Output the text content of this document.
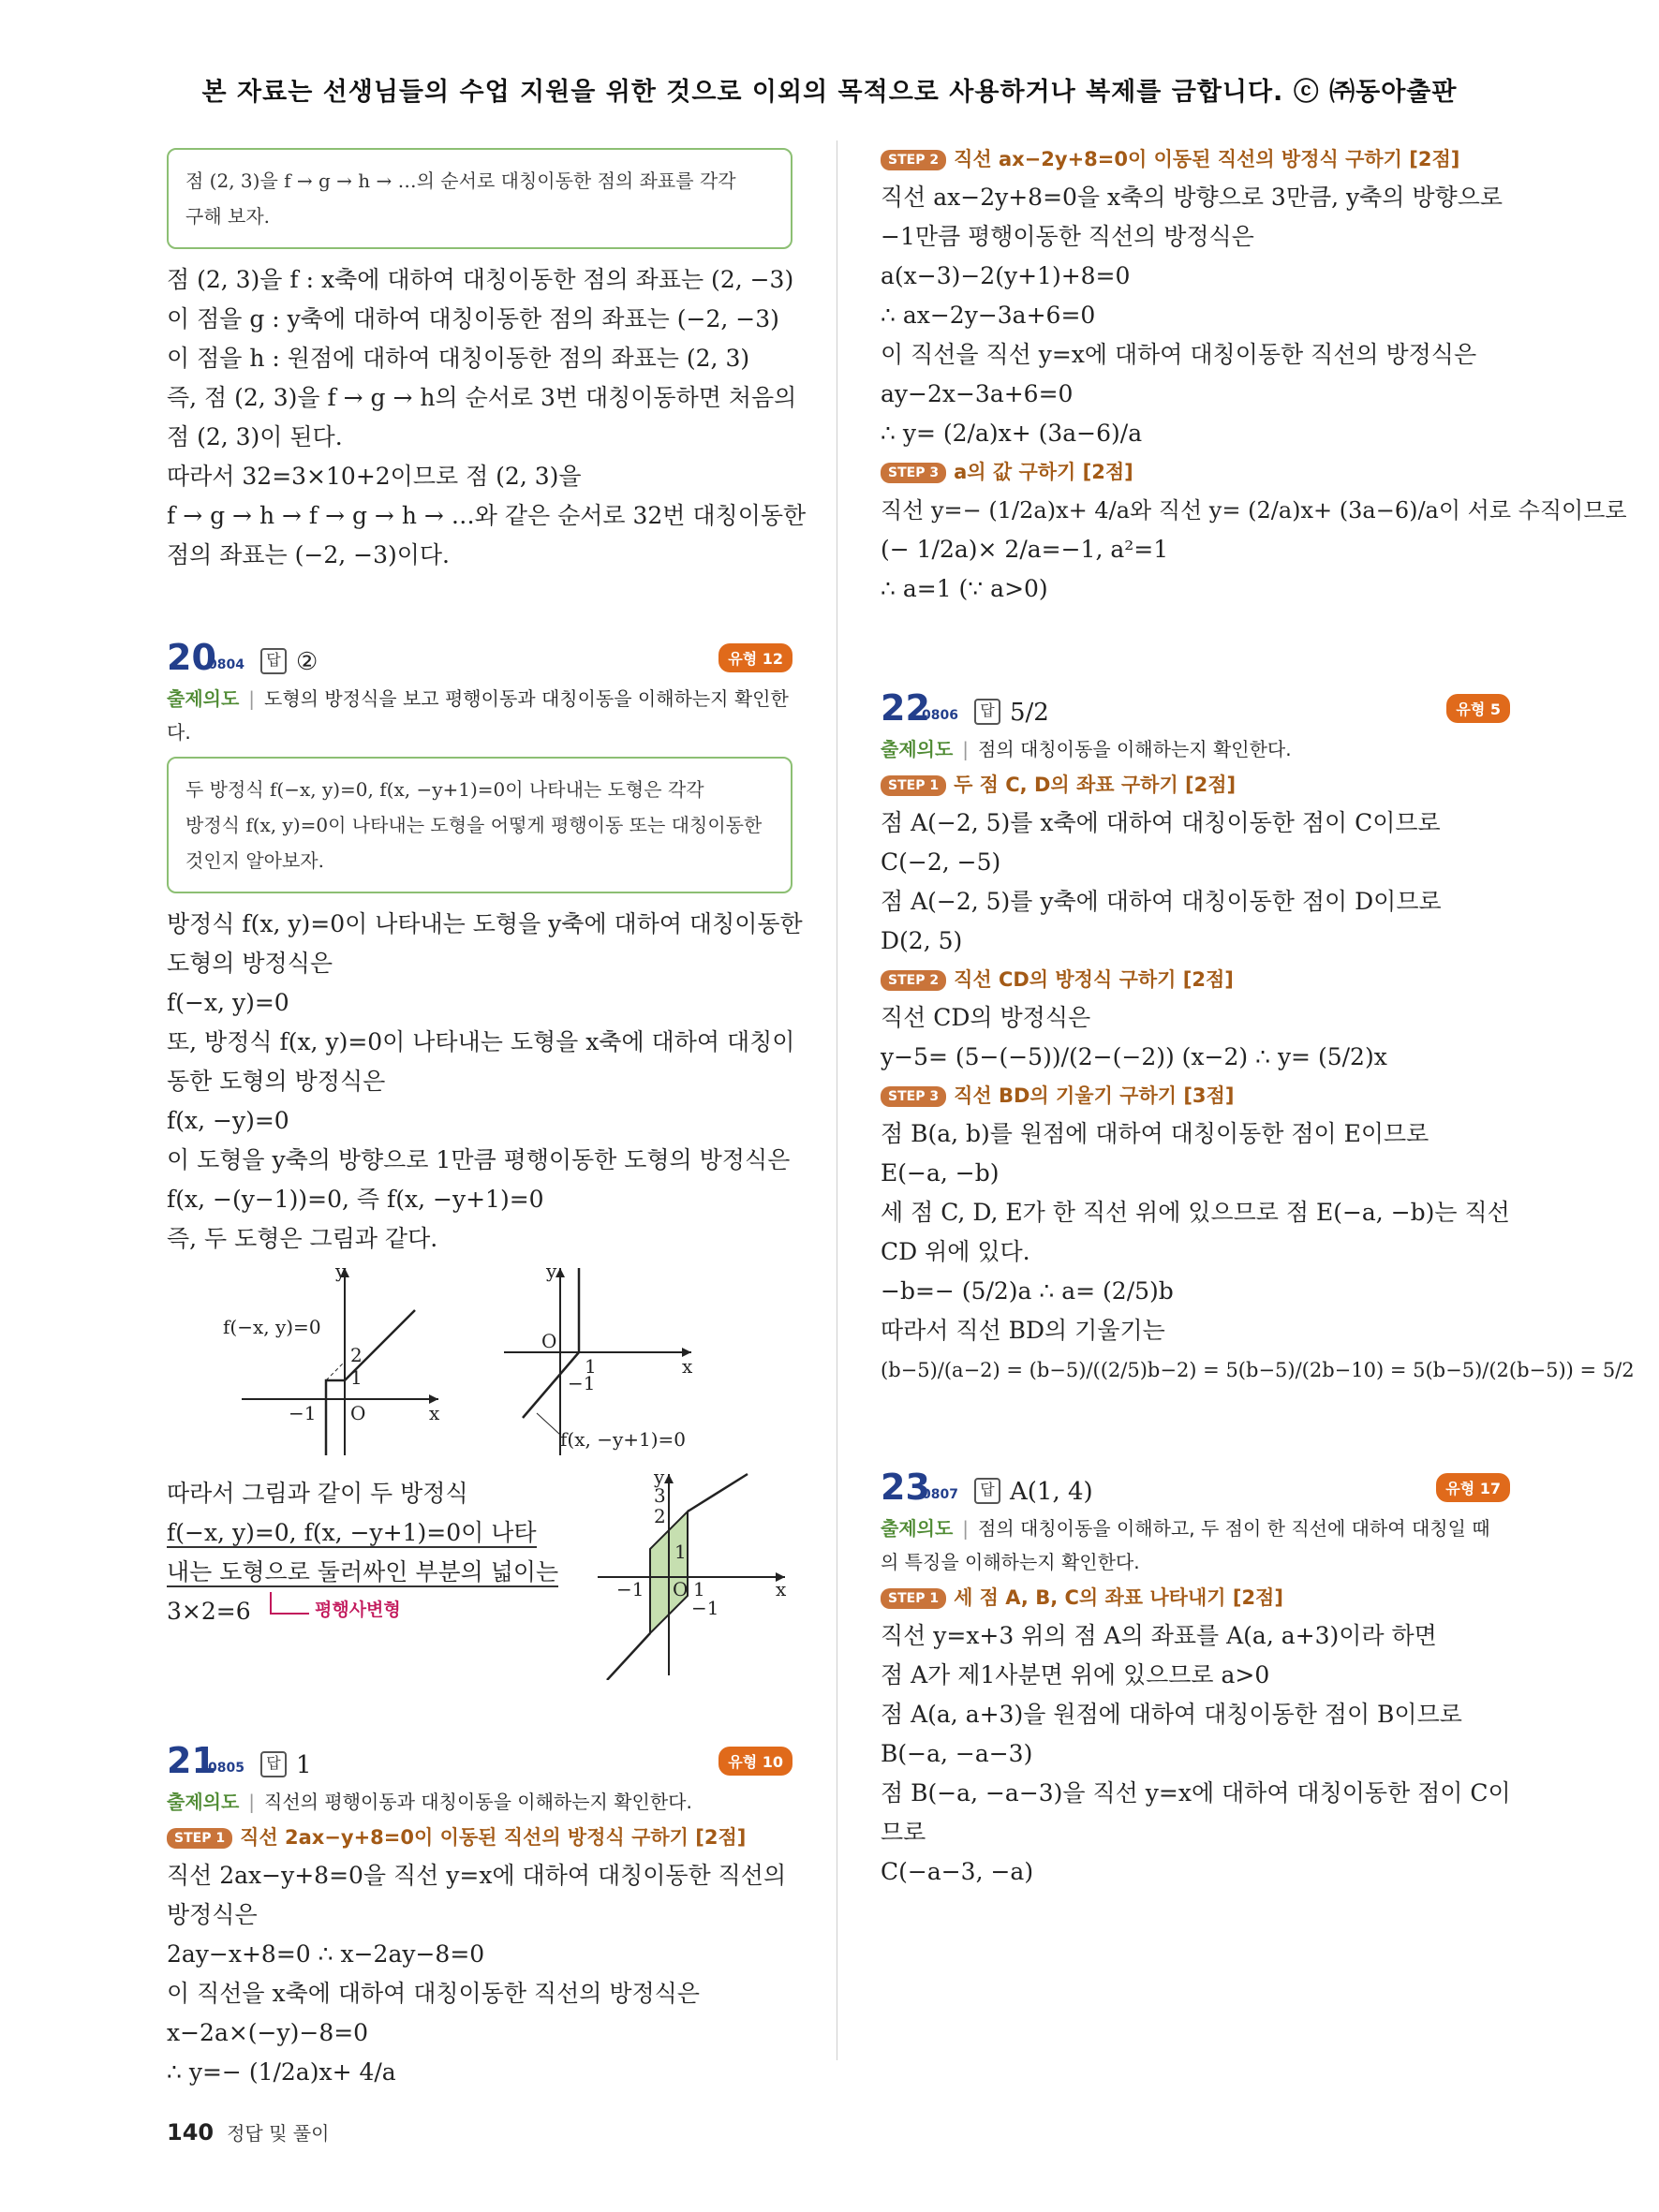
본 자료는 선생님들의 수업 지원을 위한 것으로 이외의 목적으로 사용하거나 복제를 금합니다. ⓒ ㈜동아출판
점 (2, 3)을 f → g → h → …의 순서로 대칭이동한 점의 좌표를 각각
구해 보자.
점 (2, 3)을 f : x축에 대하여 대칭이동한 점의 좌표는 (2, −3)
이 점을 g : y축에 대하여 대칭이동한 점의 좌표는 (−2, −3)
이 점을 h : 원점에 대하여 대칭이동한 점의 좌표는 (2, 3)
즉, 점 (2, 3)을 f → g → h의 순서로 3번 대칭이동하면 처음의
점 (2, 3)이 된다.
따라서 32=3×10+2이므로 점 (2, 3)을
f → g → h → f → g → h → …와 같은 순서로 32번 대칭이동한
점의 좌표는 (−2, −3)이다.
20
0804	답 ②	유형 12
출제의도 | 도형의 방정식을 보고 평행이동과 대칭이동을 이해하는지 확인한다.
두 방정식 f(−x, y)=0, f(x, −y+1)=0이 나타내는 도형은 각각
방정식 f(x, y)=0이 나타내는 도형을 어떻게 평행이동 또는 대칭이동한
것인지 알아보자.
방정식 f(x, y)=0이 나타내는 도형을 y축에 대하여 대칭이동한
도형의 방정식은
f(−x, y)=0
또, 방정식 f(x, y)=0이 나타내는 도형을 x축에 대하여 대칭이
동한 도형의 방정식은
f(x, −y)=0
이 도형을 y축의 방향으로 1만큼 평행이동한 도형의 방정식은
f(x, −(y−1))=0, 즉 f(x, −y+1)=0
즉, 두 도형은 그림과 같다.
y
x
O
f(−x, y)=0
2
1
−1
y
x
O
1
−1
f(x, −y+1)=0
따라서 그림과 같이 두 방정식
f(−x, y)=0, f(x, −y+1)=0이 나타
내는 도형으로 둘러싸인 부분의 넓이는
3×2=6	평행사변형
y
x
O
3
2
1
−1	1
−1
21
0805	답 1	유형 10
출제의도 | 직선의 평행이동과 대칭이동을 이해하는지 확인한다.
STEP 1 직선 2ax−y+8=0이 이동된 직선의 방정식 구하기 [2점]
직선 2ax−y+8=0을 직선 y=x에 대하여 대칭이동한 직선의
방정식은
2ay−x+8=0 ∴ x−2ay−8=0
이 직선을 x축에 대하여 대칭이동한 직선의 방정식은
x−2a×(−y)−8=0
∴ y=− (1/2a)x+ 4/a
STEP 2 직선 ax−2y+8=0이 이동된 직선의 방정식 구하기 [2점]
직선 ax−2y+8=0을 x축의 방향으로 3만큼, y축의 방향으로
−1만큼 평행이동한 직선의 방정식은
a(x−3)−2(y+1)+8=0
∴ ax−2y−3a+6=0
이 직선을 직선 y=x에 대하여 대칭이동한 직선의 방정식은
ay−2x−3a+6=0
∴ y= (2/a)x+ (3a−6)/a
STEP 3 a의 값 구하기 [2점]
직선 y=− (1/2a)x+ 4/a와 직선 y= (2/a)x+ (3a−6)/a이 서로 수직이므로
(− 1/2a)× 2/a=−1, a²=1
∴ a=1 (∵ a>0)
22
0806	답 5/2	유형 5
출제의도 | 점의 대칭이동을 이해하는지 확인한다.
STEP 1 두 점 C, D의 좌표 구하기 [2점]
점 A(−2, 5)를 x축에 대하여 대칭이동한 점이 C이므로
C(−2, −5)
점 A(−2, 5)를 y축에 대하여 대칭이동한 점이 D이므로
D(2, 5)
STEP 2 직선 CD의 방정식 구하기 [2점]
직선 CD의 방정식은
y−5= (5−(−5))/(2−(−2)) (x−2) ∴ y= (5/2)x
STEP 3 직선 BD의 기울기 구하기 [3점]
점 B(a, b)를 원점에 대하여 대칭이동한 점이 E이므로
E(−a, −b)
세 점 C, D, E가 한 직선 위에 있으므로 점 E(−a, −b)는 직선
CD 위에 있다.
−b=− (5/2)a ∴ a= (2/5)b
따라서 직선 BD의 기울기는
(b−5)/(a−2) = (b−5)/((2/5)b−2) = 5(b−5)/(2b−10) = 5(b−5)/(2(b−5)) = 5/2
23
0807	답 A(1, 4)	유형 17
출제의도 | 점의 대칭이동을 이해하고, 두 점이 한 직선에 대하여 대칭일 때
의 특징을 이해하는지 확인한다.
STEP 1 세 점 A, B, C의 좌표 나타내기 [2점]
직선 y=x+3 위의 점 A의 좌표를 A(a, a+3)이라 하면
점 A가 제1사분면 위에 있으므로 a>0
점 A(a, a+3)을 원점에 대하여 대칭이동한 점이 B이므로
B(−a, −a−3)
점 B(−a, −a−3)을 직선 y=x에 대하여 대칭이동한 점이 C이
므로
C(−a−3, −a)
140 정답 및 풀이
